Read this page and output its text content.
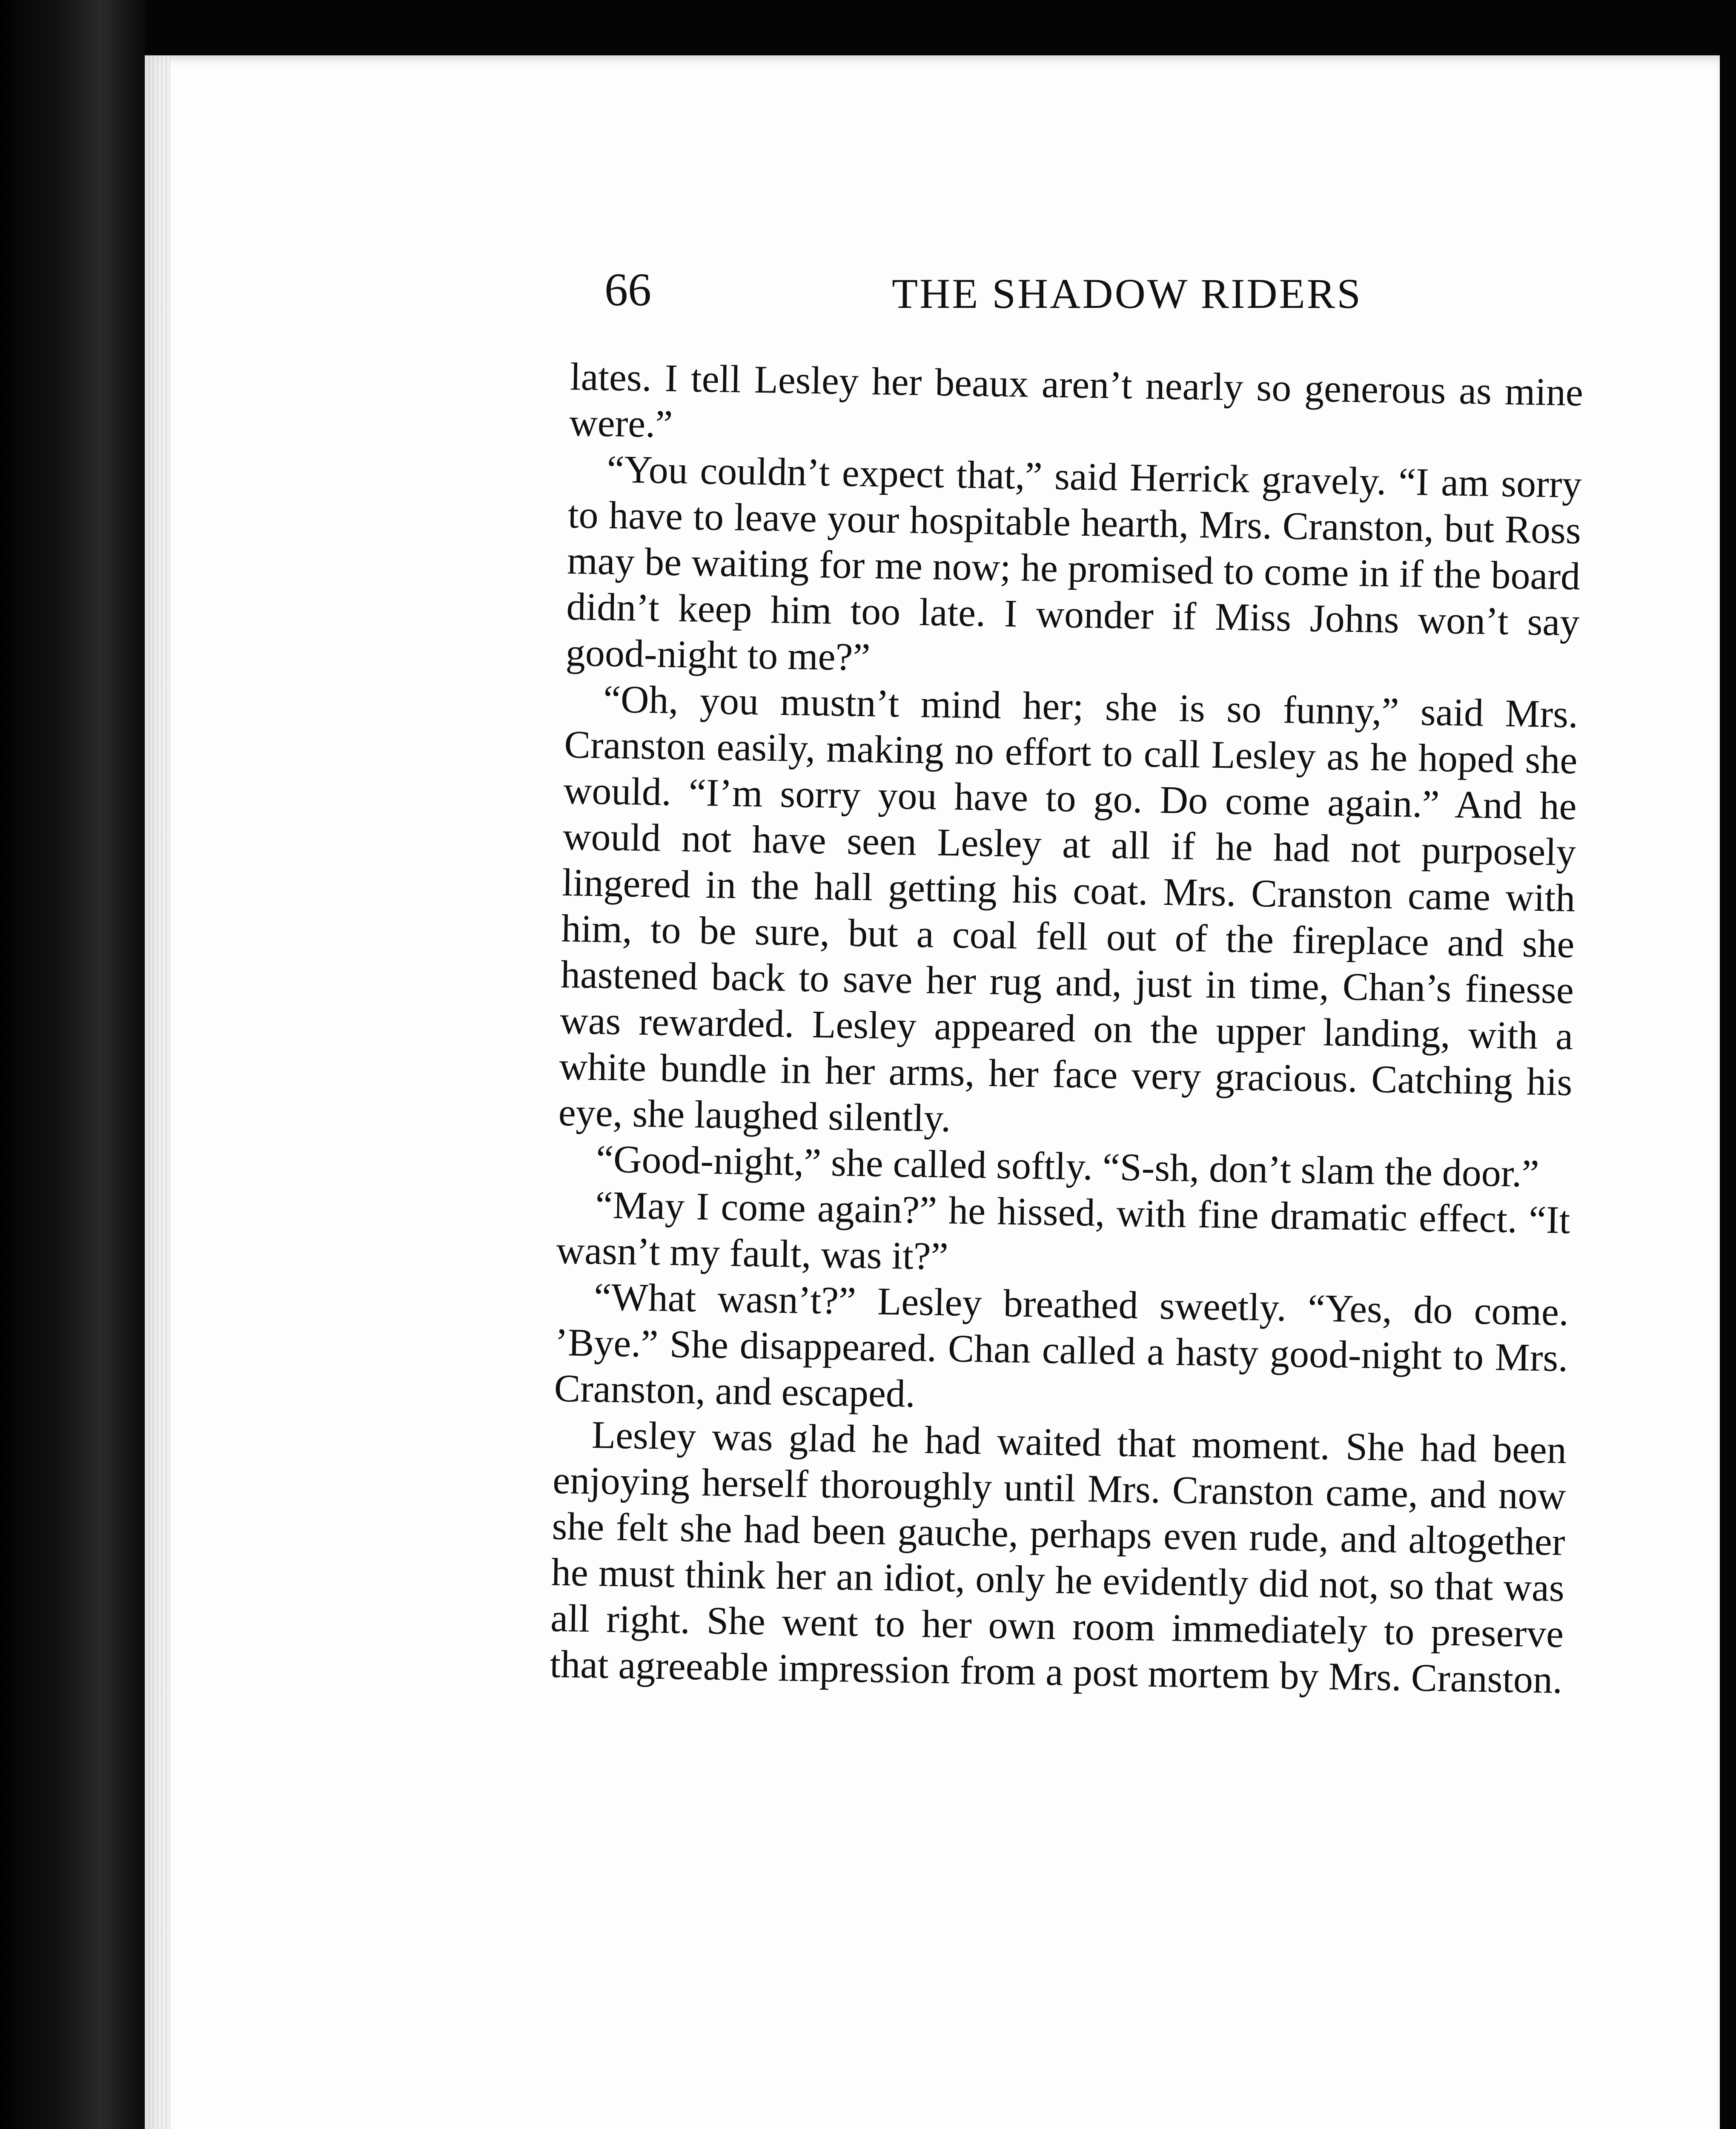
66	THE SHADOW RIDERS

lates. I tell Lesley her beaux aren’t nearly so generous as mine were.”

“You couldn’t expect that,” said Herrick gravely. “I am sorry to have to leave your hospitable hearth, Mrs. Cranston, but Ross may be waiting for me now; he promised to come in if the board didn’t keep him too late. I wonder if Miss Johns won’t say good-night to me?”

“Oh, you mustn’t mind her; she is so funny,” said Mrs. Cranston easily, making no effort to call Lesley as he hoped she would. “I’m sorry you have to go. Do come again.” And he would not have seen Lesley at all if he had not purposely lingered in the hall getting his coat. Mrs. Cranston came with him, to be sure, but a coal fell out of the fireplace and she hastened back to save her rug and, just in time, Chan’s finesse was rewarded. Lesley appeared on the upper landing, with a white bundle in her arms, her face very gracious. Catching his eye, she laughed silently.

“Good-night,” she called softly. “S-sh, don’t slam the door.”

“May I come again?” he hissed, with fine dramatic effect. “It wasn’t my fault, was it?”

“What wasn’t?” Lesley breathed sweetly. “Yes, do come. ’Bye.” She disappeared. Chan called a hasty good-night to Mrs. Cranston, and escaped.

Lesley was glad he had waited that moment. She had been enjoying herself thoroughly until Mrs. Cranston came, and now she felt she had been gauche, perhaps even rude, and altogether he must think her an idiot, only he evidently did not, so that was all right. She went to her own room immediately to preserve that agreeable impression from a post mortem by Mrs. Cranston.
